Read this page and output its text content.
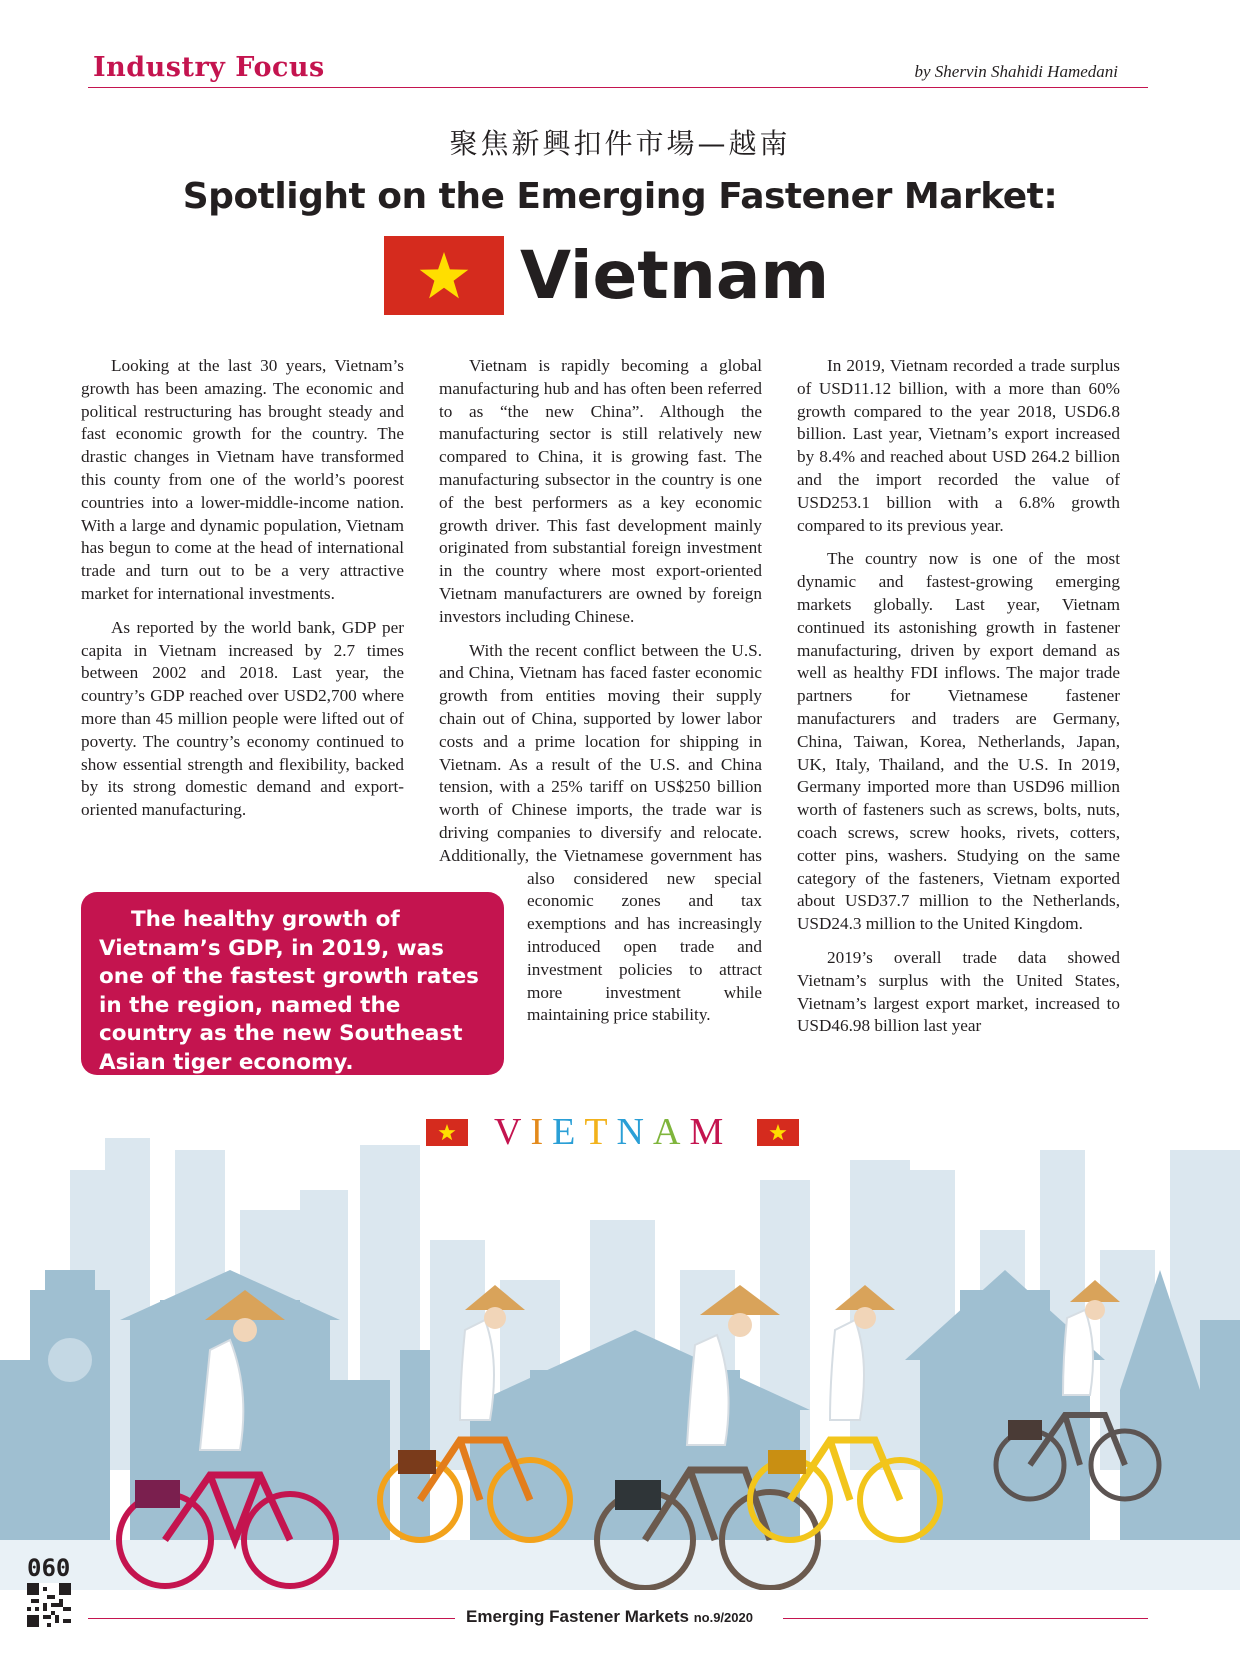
Industry Focus	by Shervin Shahidi Hamedani
聚焦新興扣件市場—越南
Spotlight on the Emerging Fastener Market:
Vietnam

Looking at the last 30 years, Vietnam’s growth has been amazing. The economic and political restructuring has brought steady and fast economic growth for the country. The drastic changes in Vietnam have transformed this county from one of the world’s poorest countries into a lower-middle-income nation. With a large and dynamic population, Vietnam has begun to come at the head of international trade and turn out to be a very attractive market for international investments.

As reported by the world bank, GDP per capita in Vietnam increased by 2.7 times between 2002 and 2018. Last year, the country’s GDP reached over USD2,700 where more than 45 million people were lifted out of poverty. The country’s economy continued to show essential strength and flexibility, backed by its strong domestic demand and export-oriented manufacturing.

Vietnam is rapidly becoming a global manufacturing hub and has often been referred to as “the new China”. Although the manufacturing sector is still relatively new compared to China, it is growing fast. The manufacturing subsector in the country is one of the best performers as a key economic growth driver. This fast development mainly originated from substantial foreign investment in the country where most export-oriented Vietnam manufacturers are owned by foreign investors including Chinese.

With the recent conflict between the U.S. and China, Vietnam has faced faster economic growth from entities moving their supply chain out of China, supported by lower labor costs and a prime location for shipping in Vietnam. As a result of the U.S. and China tension, with a 25% tariff on US$250 billion worth of Chinese imports, the trade war is driving companies to diversify and relocate. Additionally, the Vietnamese government has also considered new special economic zones and tax exemptions and has increasingly introduced open trade and investment policies to attract more investment while maintaining price stability.

In 2019, Vietnam recorded a trade surplus of USD11.12 billion, with a more than 60% growth compared to the year 2018, USD6.8 billion. Last year, Vietnam’s export increased by 8.4% and reached about USD 264.2 billion and the import recorded the value of USD253.1 billion with a 6.8% growth compared to its previous year.

The country now is one of the most dynamic and fastest-growing emerging markets globally. Last year, Vietnam continued its astonishing growth in fastener manufacturing, driven by export demand as well as healthy FDI inflows. The major trade partners for Vietnamese fastener manufacturers and traders are Germany, China, Taiwan, Korea, Netherlands, Japan, UK, Italy, Thailand, and the U.S. In 2019, Germany imported more than USD96 million worth of fasteners such as screws, bolts, nuts, coach screws, screw hooks, rivets, cotters, cotter pins, washers. Studying on the same category of the fasteners, Vietnam exported about USD37.7 million to the Netherlands, USD24.3 million to the United Kingdom.

2019’s overall trade data showed Vietnam’s surplus with the United States, Vietnam’s largest export market, increased to USD46.98 billion last year

The healthy growth of Vietnam’s GDP, in 2019, was one of the fastest growth rates in the region, named the country as the new Southeast Asian tiger economy.
VIETNAM
060
Emerging Fastener Markets no.9/2020
